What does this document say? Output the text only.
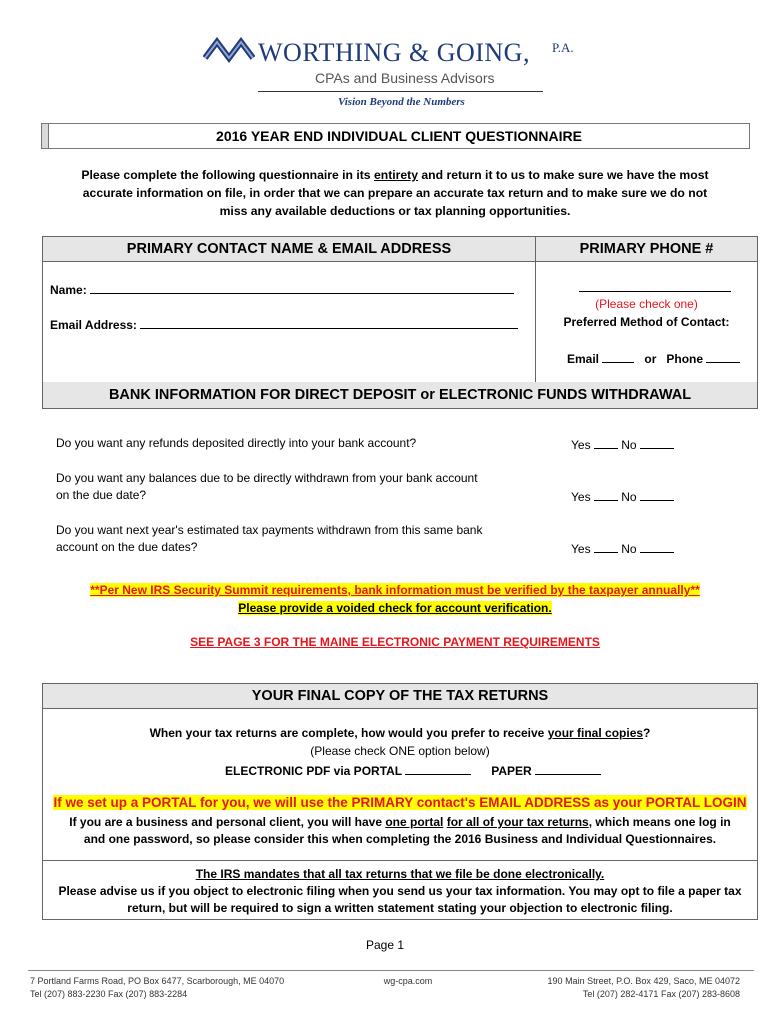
WORTHING & GOING, P.A.
CPAs and Business Advisors
Vision Beyond the Numbers
2016 YEAR END INDIVIDUAL CLIENT QUESTIONNAIRE
Please complete the following questionnaire in its entirety and return it to us to make sure we have the most accurate information on file, in order that we can prepare an accurate tax return and to make sure we do not miss any available deductions or tax planning opportunities.
PRIMARY CONTACT NAME & EMAIL ADDRESS	PRIMARY PHONE #
Name:
Email Address:
(Please check one)
Preferred Method of Contact:
Email	or Phone
BANK INFORMATION FOR DIRECT DEPOSIT or ELECTRONIC FUNDS WITHDRAWAL
Do you want any refunds deposited directly into your bank account?	Yes	No
Do you want any balances due to be directly withdrawn from your bank account
on the due date?	Yes	No
Do you want next year's estimated tax payments withdrawn from this same bank
account on the due dates?	Yes	No
**Per New IRS Security Summit requirements, bank information must be verified by the taxpayer annually**
Please provide a voided check for account verification.
SEE PAGE 3 FOR THE MAINE ELECTRONIC PAYMENT REQUIREMENTS
YOUR FINAL COPY OF THE TAX RETURNS
When your tax returns are complete, how would you prefer to receive your final copies?
(Please check ONE option below)
ELECTRONIC PDF via PORTAL	PAPER
If we set up a PORTAL for you, we will use the PRIMARY contact's EMAIL ADDRESS as your PORTAL LOGIN
If you are a business and personal client, you will have one portal for all of your tax returns, which means one log in
and one password, so please consider this when completing the 2016 Business and Individual Questionnaires.
The IRS mandates that all tax returns that we file be done electronically.
Please advise us if you object to electronic filing when you send us your tax information. You may opt to file a paper tax
return, but will be required to sign a written statement stating your objection to electronic filing.
Page 1
7 Portland Farms Road, PO Box 6477, Scarborough, ME 04070
Tel (207) 883-2230 Fax (207) 883-2284
wg-cpa.com	190 Main Street, P.O. Box 429, Saco, ME 04072
Tel (207) 282-4171 Fax (207) 283-8608
